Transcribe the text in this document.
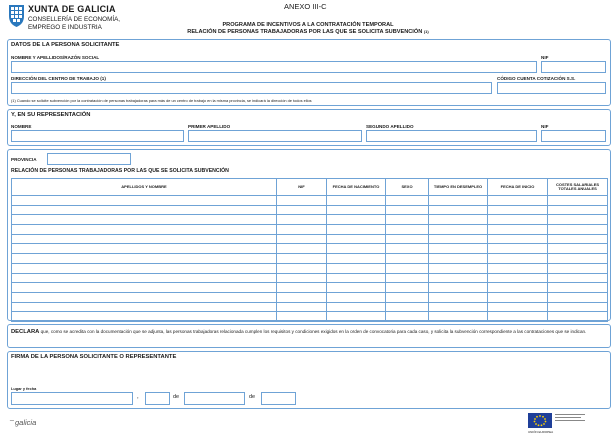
XUNTA DE GALICIA
CONSELLERÍA DE ECONOMÍA,
EMPREGO E INDUSTRIA
ANEXO III-C
PROGRAMA DE INCENTIVOS A LA CONTRATACIÓN TEMPORAL
RELACIÓN DE PERSONAS TRABAJADORAS POR LAS QUE SE SOLICITA SUBVENCIÓN (1)
DATOS DE LA PERSONA SOLICITANTE
NOMBRE Y APELLIDOS/RAZÓN SOCIAL	NIF
DIRECCIÓN DEL CENTRO DE TRABAJO (1)	CÓDIGO CUENTA COTIZACIÓN S.S.
(1) Cuando se solicite subvención por la contratación de personas trabajadoras para más de un centro de trabajo en la misma provincia, se indicará la dirección de todos ellos
Y, EN SU REPRESENTACIÓN
NOMBRE	PRIMER APELLIDO	SEGUNDO APELLIDO	NIF
PROVINCIA
RELACIÓN DE PERSONAS TRABAJADORAS POR LAS QUE SE SOLICITA SUBVENCIÓN
APELLIDOS Y NOMBRE	NIF	FECHA DE NACIMIENTO	SEXO	TIEMPO EN DESEMPLEO	FECHA DE INICIO	COSTES SALARIALES TOTALES ANUALES

DECLARA que, como se acredita con la documentación que se adjunta, las personas trabajadoras relacionada cumplen los requisitos y condiciones exigidos en la orden de convocatoria para cada caso, y solicita la subvención correspondiente a las contrataciones que se indican.
FIRMA DE LA PERSONA SOLICITANTE O REPRESENTANTE
Lugar y fecha
,	de	de
_
galicia
UNIÓN EUROPEA
